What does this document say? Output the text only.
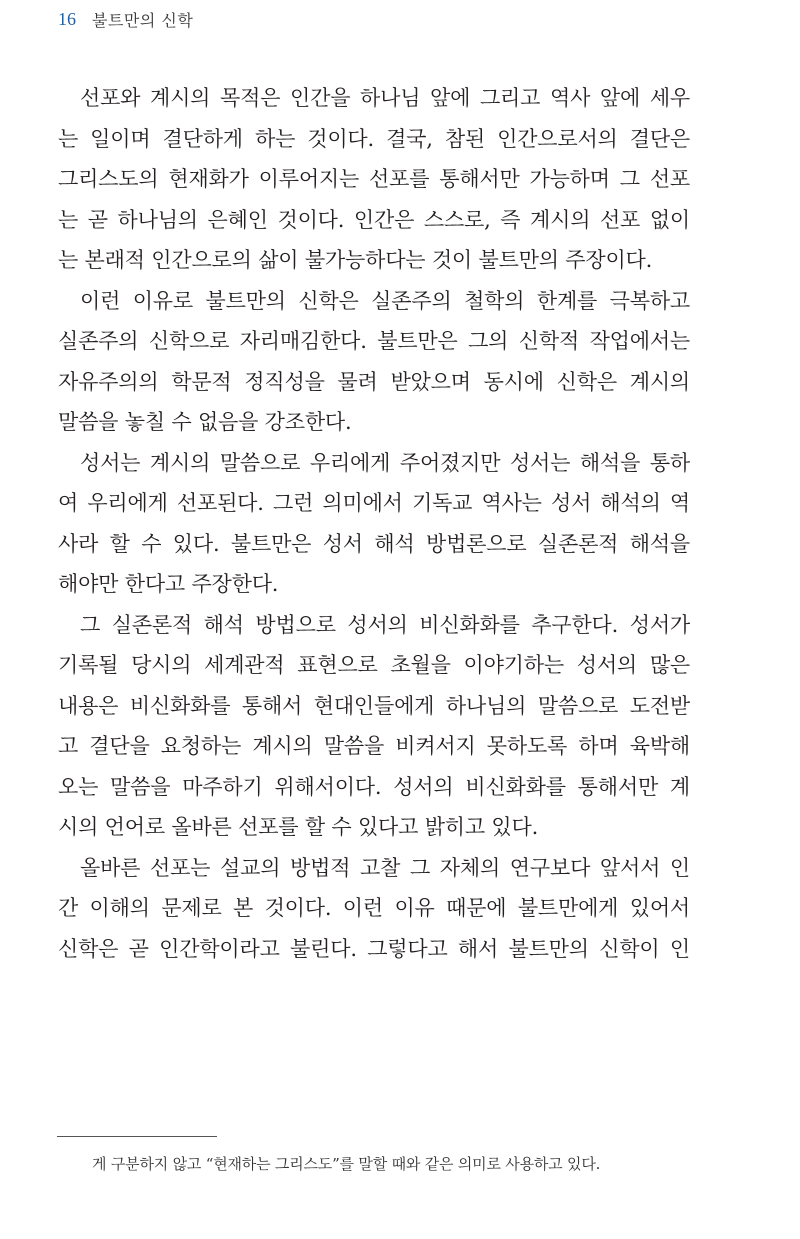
16	불트만의 신학
선포와 계시의 목적은 인간을 하나님 앞에 그리고 역사 앞에 세우
는 일이며 결단하게 하는 것이다. 결국, 참된 인간으로서의 결단은
그리스도의 현재화가 이루어지는 선포를 통해서만 가능하며 그 선포
는 곧 하나님의 은혜인 것이다. 인간은 스스로, 즉 계시의 선포 없이
는 본래적 인간으로의 삶이 불가능하다는 것이 불트만의 주장이다.
이런 이유로 불트만의 신학은 실존주의 철학의 한계를 극복하고
실존주의 신학으로 자리매김한다. 불트만은 그의 신학적 작업에서는
자유주의의 학문적 정직성을 물려 받았으며 동시에 신학은 계시의
말씀을 놓칠 수 없음을 강조한다.
성서는 계시의 말씀으로 우리에게 주어졌지만 성서는 해석을 통하
여 우리에게 선포된다. 그런 의미에서 기독교 역사는 성서 해석의 역
사라 할 수 있다. 불트만은 성서 해석 방법론으로 실존론적 해석을
해야만 한다고 주장한다.
그 실존론적 해석 방법으로 성서의 비신화화를 추구한다. 성서가
기록될 당시의 세계관적 표현으로 초월을 이야기하는 성서의 많은
내용은 비신화화를 통해서 현대인들에게 하나님의 말씀으로 도전받
고 결단을 요청하는 계시의 말씀을 비켜서지 못하도록 하며 육박해
오는 말씀을 마주하기 위해서이다. 성서의 비신화화를 통해서만 계
시의 언어로 올바른 선포를 할 수 있다고 밝히고 있다.
올바른 선포는 설교의 방법적 고찰 그 자체의 연구보다 앞서서 인
간 이해의 문제로 본 것이다. 이런 이유 때문에 불트만에게 있어서
신학은 곧 인간학이라고 불린다. 그렇다고 해서 불트만의 신학이 인
게 구분하지 않고 “현재하는 그리스도”를 말할 때와 같은 의미로 사용하고 있다.
